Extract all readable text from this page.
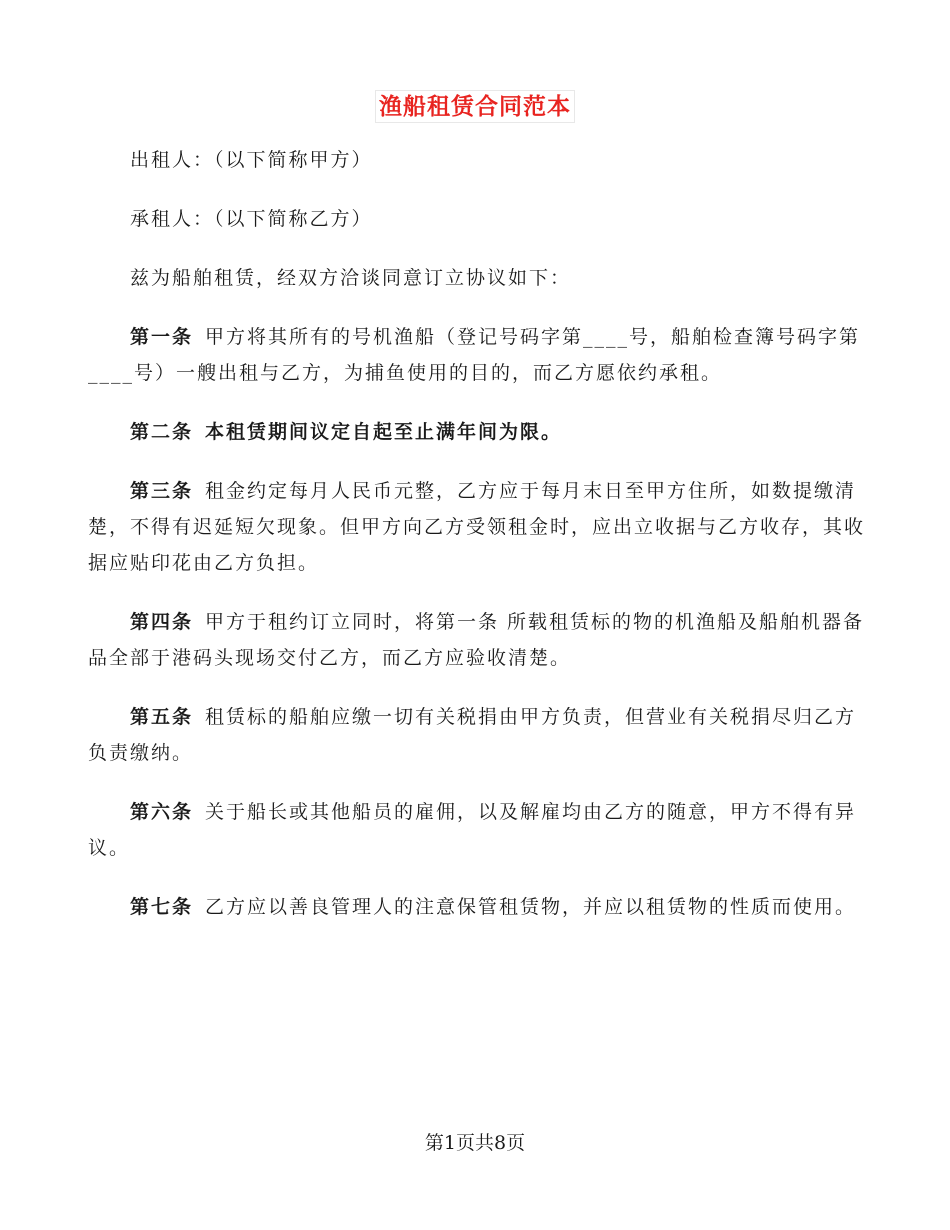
渔船租赁合同范本

出租人：（以下简称甲方）

承租人：（以下简称乙方）

兹为船舶租赁，经双方洽谈同意订立协议如下：

第一条 甲方将其所有的号机渔船（登记号码字第____号，船舶检查簿号码字第____号）一艘出租与乙方，为捕鱼使用的目的，而乙方愿依约承租。

第二条 本租赁期间议定自起至止满年间为限。

第三条 租金约定每月人民币元整，乙方应于每月末日至甲方住所，如数提缴清楚，不得有迟延短欠现象。但甲方向乙方受领租金时，应出立收据与乙方收存，其收据应贴印花由乙方负担。

第四条 甲方于租约订立同时，将第一条 所载租赁标的物的机渔船及船舶机器备品全部于港码头现场交付乙方，而乙方应验收清楚。

第五条 租赁标的船舶应缴一切有关税捐由甲方负责，但营业有关税捐尽归乙方负责缴纳。

第六条 关于船长或其他船员的雇佣，以及解雇均由乙方的随意，甲方不得有异议。

第七条 乙方应以善良管理人的注意保管租赁物，并应以租赁物的性质而使用。

第1页共8页
